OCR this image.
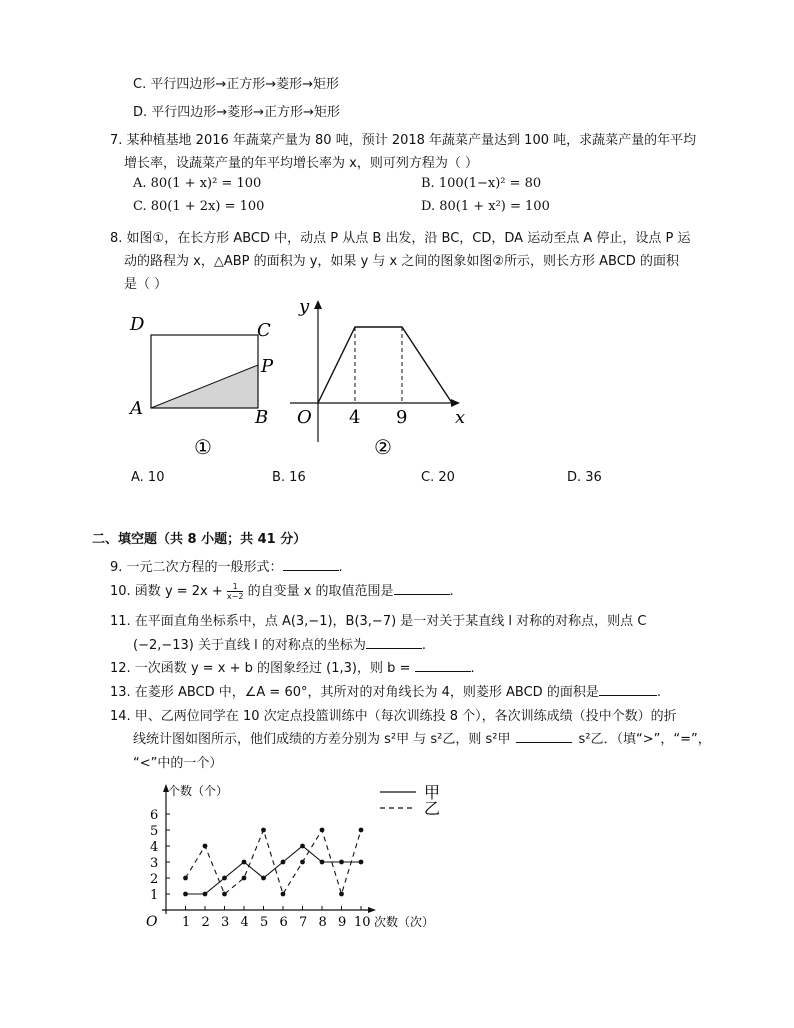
C. 平行四边形→正方形→菱形→矩形
D. 平行四边形→菱形→正方形→矩形
7. 某种植基地 2016 年蔬菜产量为 80 吨，预计 2018 年蔬菜产量达到 100 吨，求蔬菜产量的年平均
增长率，设蔬菜产量的年平均增长率为 x，则可列方程为（ ）
A. 80(1 + x)² = 100	B. 100(1−x)² = 80
C. 80(1 + 2x) = 100	D. 80(1 + x²) = 100
8. 如图①，在长方形 ABCD 中，动点 P 从点 B 出发，沿 BC，CD，DA 运动至点 A 停止，设点 P 运
动的路程为 x，△ABP 的面积为 y，如果 y 与 x 之间的图象如图②所示，则长方形 ABCD 的面积
是（ ）
D	C
P
A	B
①
y
x
O 4 9
②
A. 10	B. 16	C. 20	D. 36
二、填空题（共 8 小题；共 41 分）
9. 一元二次方程的一般形式：	.
10. 函数 $y = 2x + \frac{1}{x-2}$ 的自变量 x 的取值范围是	.
11. 在平面直角坐标系中，点 A(3,−1)，B(3,−7) 是一对关于某直线 l 对称的对称点，则点 C
(−2,−13) 关于直线 l 的对称点的坐标为	.
12. 一次函数 y = x + b 的图象经过 (1,3)，则 b =	.
13. 在菱形 ABCD 中，∠A = 60°，其所对的对角线长为 4，则菱形 ABCD 的面积是	.
14. 甲、乙两位同学在 10 次定点投篮训练中（每次训练投 8 个），各次训练成绩（投中个数）的折
线统计图如图所示，他们成绩的方差分别为 s²甲 与 s²乙，则 s²甲	s²乙．（填“>”，“=”，
“<”中的一个）
1
2
3
4
5
6
1 2 3 4 5 6 7 8 9 10
O
个数（个）
次数（次）
甲
乙
